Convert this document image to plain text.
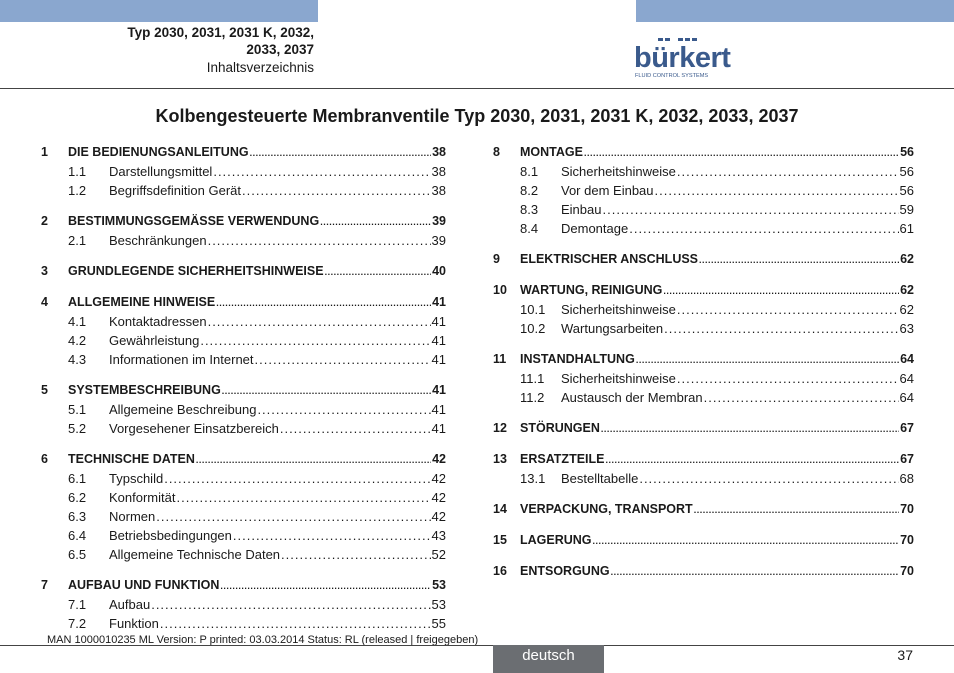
Typ 2030, 2031, 2031 K, 2032,
2033, 2037
Inhaltsverzeichnis	bürkert
FLUID CONTROL SYSTEMS
Kolbengesteuerte Membranventile Typ 2030, 2031, 2031 K, 2032, 2033, 2037
1	DIE BEDIENUNGSANLEITUNG .....	38
1.1	Darstellungsmittel .....	38
1.2	Begriffsdefinition Gerät .....	38
2	BESTIMMUNGSGEMÄSSE VERWENDUNG .....	39
2.1	Beschränkungen .....	39
3	GRUNDLEGENDE SICHERHEITSHINWEISE .....	40
4	ALLGEMEINE HINWEISE .....	41
4.1	Kontaktadressen .....	41
4.2	Gewährleistung .....	41
4.3	Informationen im Internet .....	41
5	SYSTEMBESCHREIBUNG .....	41
5.1	Allgemeine Beschreibung .....	41
5.2	Vorgesehener Einsatzbereich .....	41
6	TECHNISCHE DATEN .....	42
6.1	Typschild .....	42
6.2	Konformität .....	42
6.3	Normen .....	42
6.4	Betriebsbedingungen .....	43
6.5	Allgemeine Technische Daten .....	52
7	AUFBAU UND FUNKTION .....	53
7.1	Aufbau .....	53
7.2	Funktion .....	55
8	MONTAGE .....	56
8.1	Sicherheitshinweise .....	56
8.2	Vor dem Einbau .....	56
8.3	Einbau .....	59
8.4	Demontage .....	61
9	ELEKTRISCHER ANSCHLUSS .....	62
10	WARTUNG, REINIGUNG .....	62
10.1	Sicherheitshinweise .....	62
10.2	Wartungsarbeiten .....	63
11	INSTANDHALTUNG .....	64
11.1	Sicherheitshinweise .....	64
11.2	Austausch der Membran .....	64
12	STÖRUNGEN .....	67
13	ERSATZTEILE .....	67
13.1	Bestelltabelle .....	68
14	VERPACKUNG, TRANSPORT .....	70
15	LAGERUNG .....	70
16	ENTSORGUNG .....	70
MAN 1000010235 ML Version: P printed: 03.03.2014 Status: RL (released | freigegeben)
deutsch	37
